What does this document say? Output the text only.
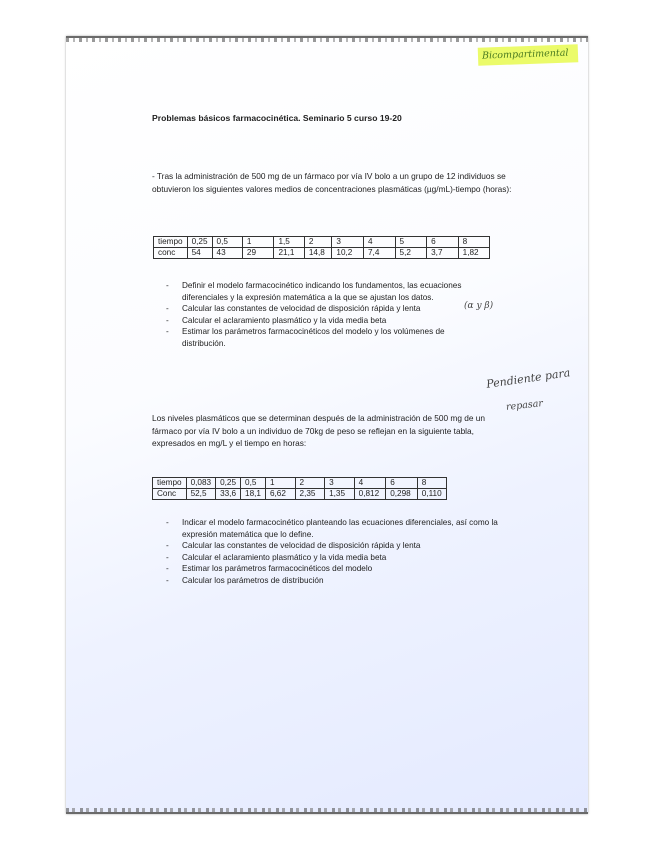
Bicompartimental
Problemas básicos farmacocinética. Seminario 5 curso 19-20
- Tras la administración de 500 mg de un fármaco por vía IV bolo a un grupo de 12 individuos se obtuvieron los siguientes valores medios de concentraciones plasmáticas (µg/mL)-tiempo (horas):
tiempo	0,25	0,5	1	1,5	2	3	4	5	6	8
conc	54	43	29	21,1	14,8	10,2	7,4	5,2	3,7	1,82
- Definir el modelo farmacocinético indicando los fundamentos, las ecuaciones diferenciales y la expresión matemática a la que se ajustan los datos.
- Calcular las constantes de velocidad de disposición rápida y lenta
- Calcular el aclaramiento plasmático y la vida media beta
- Estimar los parámetros farmacocinéticos del modelo y los volúmenes de distribución.
(α y β)
Pendiente para
repasar
Los niveles plasmáticos que se determinan después de la administración de 500 mg de un fármaco por vía IV bolo a un individuo de 70kg de peso se reflejan en la siguiente tabla, expresados en mg/L y el tiempo en horas:
tiempo	0,083	0,25	0,5	1	2	3	4	6	8
Conc	52,5	33,6	18,1	6,62	2,35	1,35	0,812	0,298	0,110
- Indicar el modelo farmacocinético planteando las ecuaciones diferenciales, así como la expresión matemática que lo define.
- Calcular las constantes de velocidad de disposición rápida y lenta
- Calcular el aclaramiento plasmático y la vida media beta
- Estimar los parámetros farmacocinéticos del modelo
- Calcular los parámetros de distribución
